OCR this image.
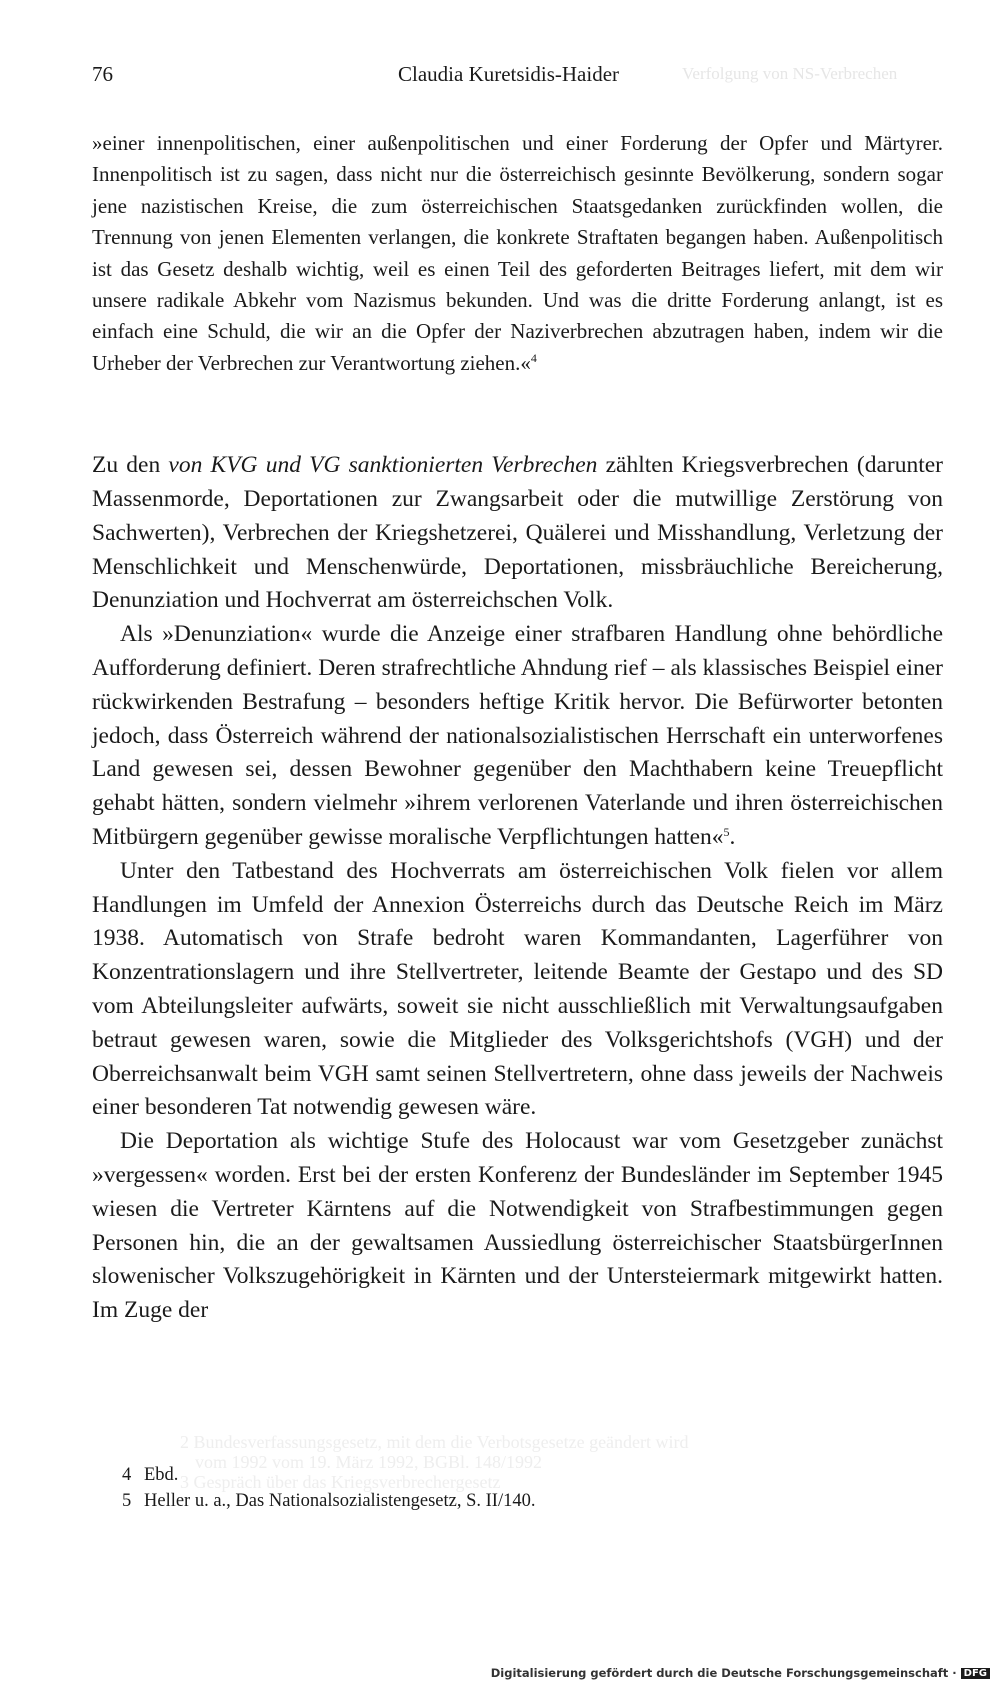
76	Claudia Kuretsidis-Haider	Verfolgung von NS-Verbrechen

»einer innenpolitischen, einer außenpolitischen und einer Forderung der Opfer und Märtyrer. Innenpolitisch ist zu sagen, dass nicht nur die österreichisch gesinnte Bevölkerung, sondern sogar jene nazistischen Kreise, die zum österreichischen Staatsgedanken zurückfinden wollen, die Trennung von jenen Elementen verlangen, die konkrete Straftaten begangen haben. Außenpolitisch ist das Gesetz deshalb wichtig, weil es einen Teil des geforderten Beitrages liefert, mit dem wir unsere radikale Abkehr vom Nazismus bekunden. Und was die dritte Forderung anlangt, ist es einfach eine Schuld, die wir an die Opfer der Naziverbrechen abzutragen haben, indem wir die Urheber der Verbrechen zur Verantwortung ziehen.«$^4$

Zu den von KVG und VG sanktionierten Verbrechen zählten Kriegsverbrechen (darunter Massenmorde, Deportationen zur Zwangsarbeit oder die mutwillige Zerstörung von Sachwerten), Verbrechen der Kriegshetzerei, Quälerei und Misshandlung, Verletzung der Menschlichkeit und Menschenwürde, Deportationen, missbräuchliche Bereicherung, Denunziation und Hochverrat am österreichschen Volk.

Als »Denunziation« wurde die Anzeige einer strafbaren Handlung ohne behördliche Aufforderung definiert. Deren strafrechtliche Ahndung rief – als klassisches Beispiel einer rückwirkenden Bestrafung – besonders heftige Kritik hervor. Die Befürworter betonten jedoch, dass Österreich während der nationalsozialistischen Herrschaft ein unterworfenes Land gewesen sei, dessen Bewohner gegenüber den Machthabern keine Treuepflicht gehabt hätten, sondern vielmehr »ihrem verlorenen Vaterlande und ihren österreichischen Mitbürgern gegenüber gewisse moralische Verpflichtungen hatten«$^5$.

Unter den Tatbestand des Hochverrats am österreichischen Volk fielen vor allem Handlungen im Umfeld der Annexion Österreichs durch das Deutsche Reich im März 1938. Automatisch von Strafe bedroht waren Kommandanten, Lagerführer von Konzentrationslagern und ihre Stellvertreter, leitende Beamte der Gestapo und des SD vom Abteilungsleiter aufwärts, soweit sie nicht ausschließlich mit Verwaltungsaufgaben betraut gewesen waren, sowie die Mitglieder des Volksgerichtshofs (VGH) und der Oberreichsanwalt beim VGH samt seinen Stellvertretern, ohne dass jeweils der Nachweis einer besonderen Tat notwendig gewesen wäre.

Die Deportation als wichtige Stufe des Holocaust war vom Gesetzgeber zunächst »vergessen« worden. Erst bei der ersten Konferenz der Bundesländer im September 1945 wiesen die Vertreter Kärntens auf die Notwendigkeit von Strafbestimmungen gegen Personen hin, die an der gewaltsamen Aussiedlung österreichischer StaatsbürgerInnen slowenischer Volkszugehörigkeit in Kärnten und der Untersteiermark mitgewirkt hatten. Im Zuge der

2 Bundesverfassungsgesetz, mit dem die Verbotsgesetze geändert wird
vom 1992 vom 19. März 1992, BGBl. 148/1992
3 Gespräch über das Kriegsverbrechergesetz

4 Ebd.

5 Heller u. a., Das Nationalsozialistengesetz, S. II/140.

Digitalisierung gefördert durch die Deutsche Forschungsgemeinschaft · DFG
